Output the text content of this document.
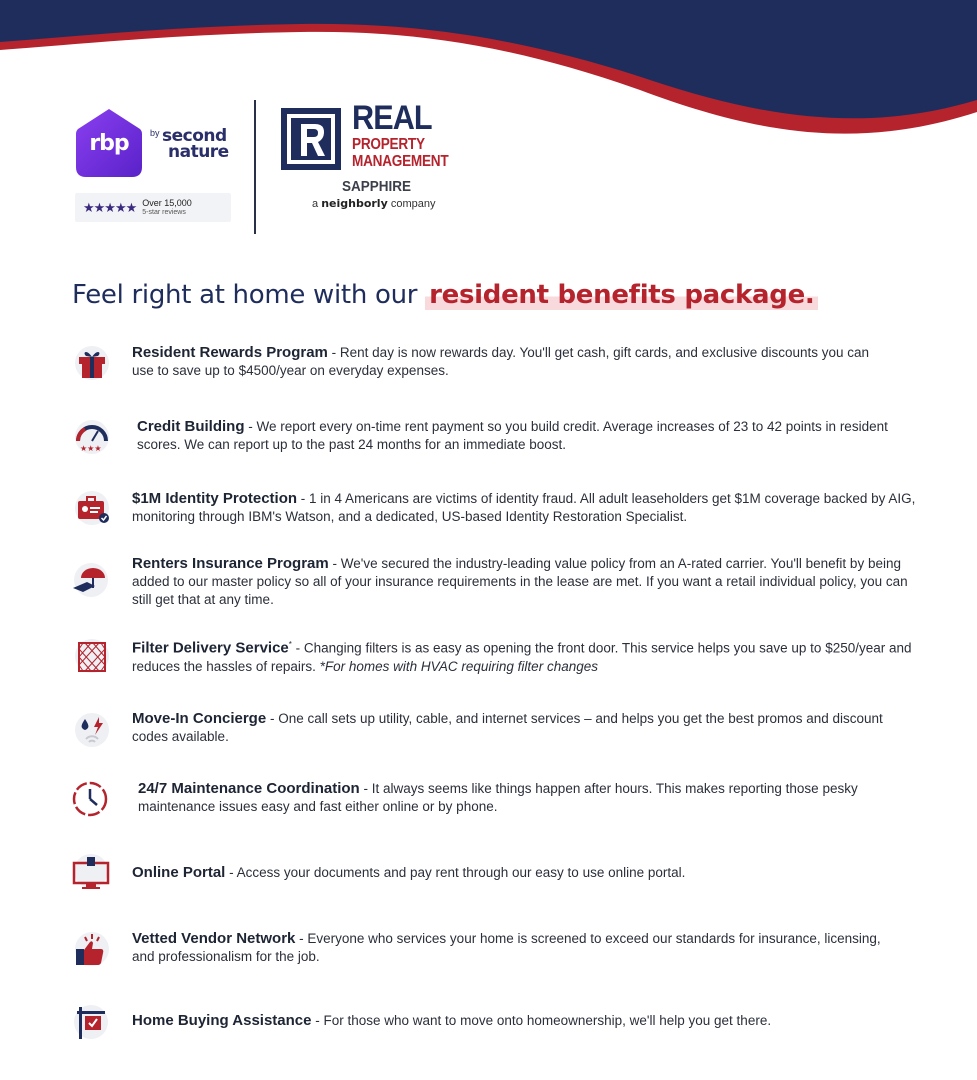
rbp	by second
nature
★★★★★ Over 15,000
5-star reviews
REAL
PROPERTY
MANAGEMENT
SAPPHIRE
a neighborly company
Feel right at home with our resident benefits package.
Resident Rewards Program - Rent day is now rewards day. You'll get cash, gift cards, and exclusive discounts you can use to save up to $4500/year on everyday expenses.
★★★
Credit Building - We report every on-time rent payment so you build credit. Average increases of 23 to 42 points in resident scores. We can report up to the past 24 months for an immediate boost.
$1M Identity Protection - 1 in 4 Americans are victims of identity fraud. All adult leaseholders get $1M coverage backed by AIG, monitoring through IBM's Watson, and a dedicated, US-based Identity Restoration Specialist.
Renters Insurance Program - We've secured the industry-leading value policy from an A-rated carrier. You'll benefit by being added to our master policy so all of your insurance requirements in the lease are met. If you want a retail individual policy, you can still get that at any time.
Filter Delivery Service* - Changing filters is as easy as opening the front door. This service helps you save up to $250/year and reduces the hassles of repairs. *For homes with HVAC requiring filter changes
Move-In Concierge - One call sets up utility, cable, and internet services – and helps you get the best promos and discount codes available.
24/7 Maintenance Coordination - It always seems like things happen after hours. This makes reporting those pesky maintenance issues easy and fast either online or by phone.
Online Portal - Access your documents and pay rent through our easy to use online portal.
Vetted Vendor Network - Everyone who services your home is screened to exceed our standards for insurance, licensing, and professionalism for the job.
Home Buying Assistance - For those who want to move onto homeownership, we'll help you get there.
